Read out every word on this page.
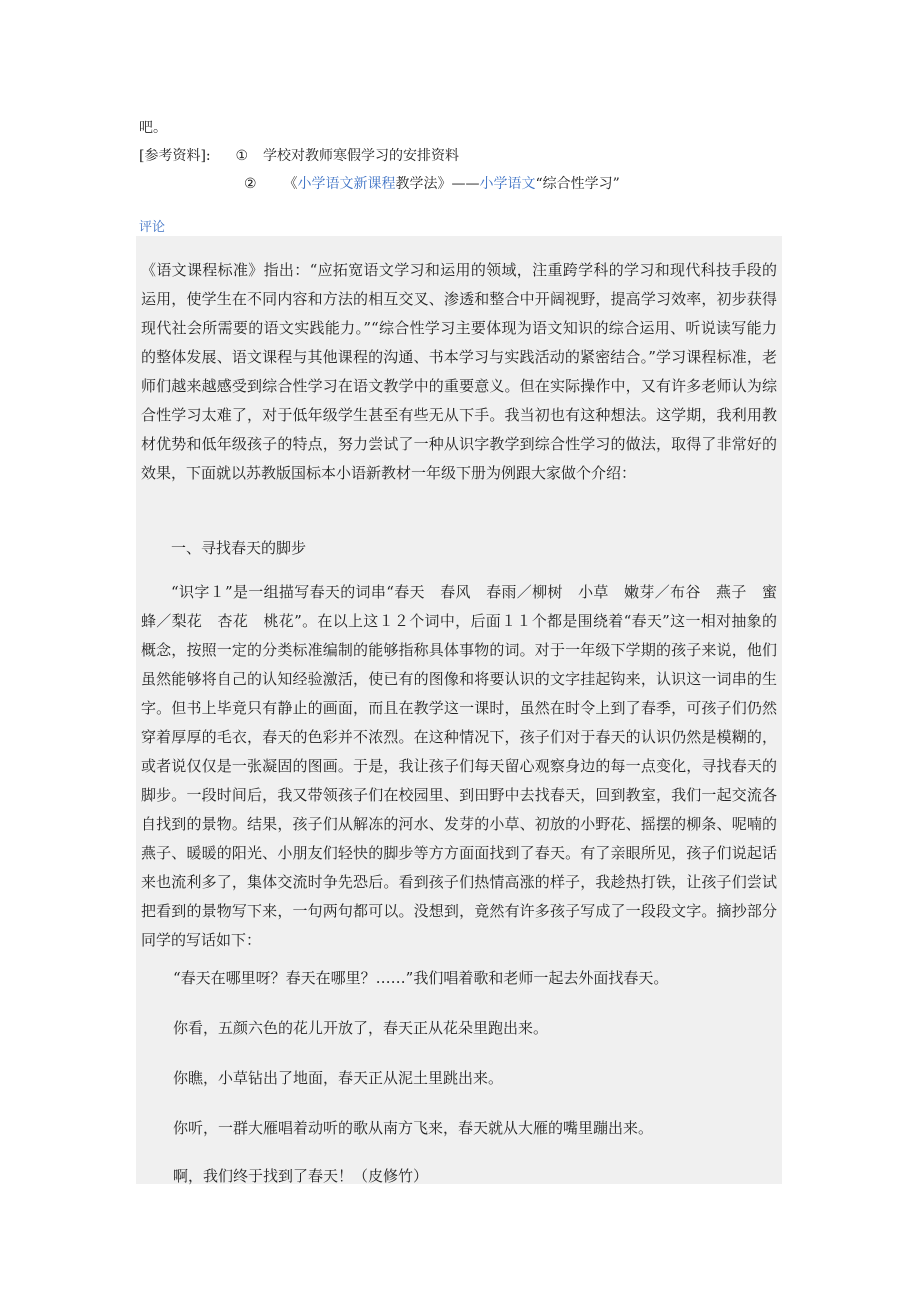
吧。
[参考资料]: ① 学校对教师寒假学习的安排资料
② 《小学语文新课程教学法》——小学语文“综合性学习”
评论

《语文课程标准》指出：“应拓宽语文学习和运用的领域，注重跨学科的学习和现代科技手段的运用，使学生在不同内容和方法的相互交叉、渗透和整合中开阔视野，提高学习效率，初步获得现代社会所需要的语文实践能力。”“综合性学习主要体现为语文知识的综合运用、听说读写能力的整体发展、语文课程与其他课程的沟通、书本学习与实践活动的紧密结合。”学习课程标准，老师们越来越感受到综合性学习在语文教学中的重要意义。但在实际操作中，又有许多老师认为综合性学习太难了，对于低年级学生甚至有些无从下手。我当初也有这种想法。这学期，我利用教材优势和低年级孩子的特点，努力尝试了一种从识字教学到综合性学习的做法，取得了非常好的效果，下面就以苏教版国标本小语新教材一年级下册为例跟大家做个介绍：

一、寻找春天的脚步

“识字１”是一组描写春天的词串“春天　春风　春雨／柳树　小草　嫩芽／布谷　燕子　蜜蜂／梨花　杏花　桃花”。在以上这１２个词中，后面１１个都是围绕着“春天”这一相对抽象的概念，按照一定的分类标准编制的能够指称具体事物的词。对于一年级下学期的孩子来说，他们虽然能够将自己的认知经验激活，使已有的图像和将要认识的文字挂起钩来，认识这一词串的生字。但书上毕竟只有静止的画面，而且在教学这一课时，虽然在时令上到了春季，可孩子们仍然穿着厚厚的毛衣，春天的色彩并不浓烈。在这种情况下，孩子们对于春天的认识仍然是模糊的，或者说仅仅是一张凝固的图画。于是，我让孩子们每天留心观察身边的每一点变化，寻找春天的脚步。一段时间后，我又带领孩子们在校园里、到田野中去找春天，回到教室，我们一起交流各自找到的景物。结果，孩子们从解冻的河水、发芽的小草、初放的小野花、摇摆的柳条、呢喃的燕子、暖暖的阳光、小朋友们轻快的脚步等方方面面找到了春天。有了亲眼所见，孩子们说起话来也流利多了，集体交流时争先恐后。看到孩子们热情高涨的样子，我趁热打铁，让孩子们尝试把看到的景物写下来，一句两句都可以。没想到，竟然有许多孩子写成了一段段文字。摘抄部分同学的写话如下：

“春天在哪里呀？春天在哪里？……”我们唱着歌和老师一起去外面找春天。

你看，五颜六色的花儿开放了，春天正从花朵里跑出来。

你瞧，小草钻出了地面，春天正从泥土里跳出来。

你听，一群大雁唱着动听的歌从南方飞来，春天就从大雁的嘴里蹦出来。

啊，我们终于找到了春天！（皮修竹）
